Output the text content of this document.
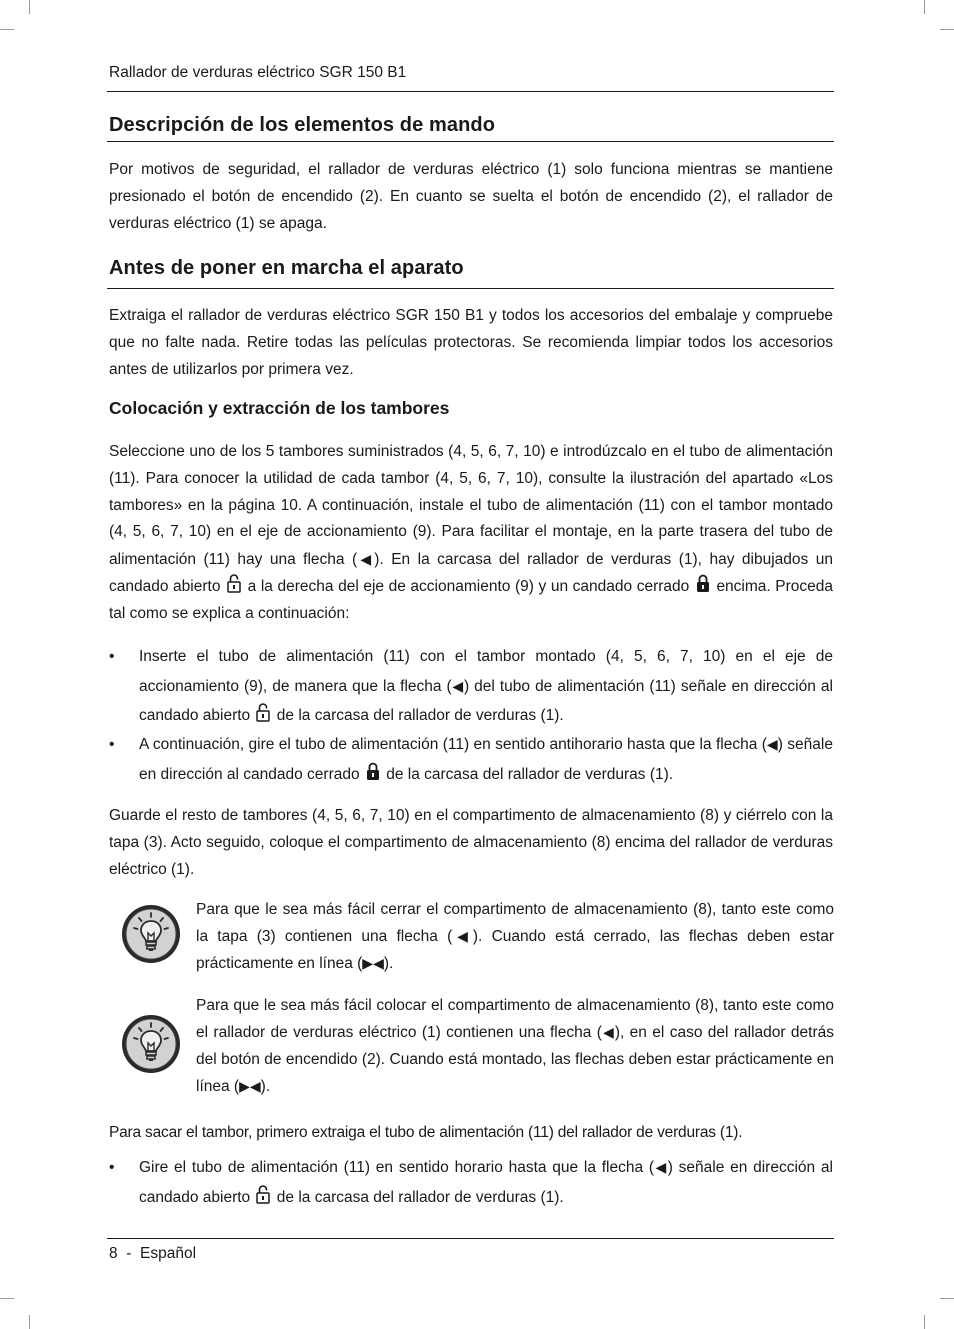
Rallador de verduras eléctrico SGR 150 B1
Descripción de los elementos de mando

Por motivos de seguridad, el rallador de verduras eléctrico (1) solo funciona mientras se mantiene presionado el botón de encendido (2). En cuanto se suelta el botón de encendido (2), el rallador de verduras eléctrico (1) se apaga.

Antes de poner en marcha el aparato

Extraiga el rallador de verduras eléctrico SGR 150 B1 y todos los accesorios del embalaje y compruebe que no falte nada. Retire todas las películas protectoras. Se recomienda limpiar todos los accesorios antes de utilizarlos por primera vez.

Colocación y extracción de los tambores

Seleccione uno de los 5 tambores suministrados (4, 5, 6, 7, 10) e introdúzcalo en el tubo de alimentación (11). Para conocer la utilidad de cada tambor (4, 5, 6, 7, 10), consulte la ilustración del apartado «Los tambores» en la página 10. A continuación, instale el tubo de alimentación (11) con el tambor montado (4, 5, 6, 7, 10) en el eje de accionamiento (9). Para facilitar el montaje, en la parte trasera del tubo de alimentación (11) hay una flecha (◀). En la carcasa del rallador de verduras (1), hay dibujados un candado abierto a la derecha del eje de accionamiento (9) y un candado cerrado encima. Proceda tal como se explica a continuación:

• Inserte el tubo de alimentación (11) con el tambor montado (4, 5, 6, 7, 10) en el eje de accionamiento (9), de manera que la flecha (◀) del tubo de alimentación (11) señale en dirección al candado abierto de la carcasa del rallador de verduras (1).

• A continuación, gire el tubo de alimentación (11) en sentido antihorario hasta que la flecha (◀) señale en dirección al candado cerrado de la carcasa del rallador de verduras (1).

Guarde el resto de tambores (4, 5, 6, 7, 10) en el compartimento de almacenamiento (8) y ciérrelo con la tapa (3). Acto seguido, coloque el compartimento de almacenamiento (8) encima del rallador de verduras eléctrico (1).

Para que le sea más fácil cerrar el compartimento de almacenamiento (8), tanto este como la tapa (3) contienen una flecha (◀). Cuando está cerrado, las flechas deben estar prácticamente en línea (▶◀).

Para que le sea más fácil colocar el compartimento de almacenamiento (8), tanto este como el rallador de verduras eléctrico (1) contienen una flecha (◀), en el caso del rallador detrás del botón de encendido (2). Cuando está montado, las flechas deben estar prácticamente en línea (▶◀).

Para sacar el tambor, primero extraiga el tubo de alimentación (11) del rallador de verduras (1).

• Gire el tubo de alimentación (11) en sentido horario hasta que la flecha (◀) señale en dirección al candado abierto de la carcasa del rallador de verduras (1).

8 - Español
